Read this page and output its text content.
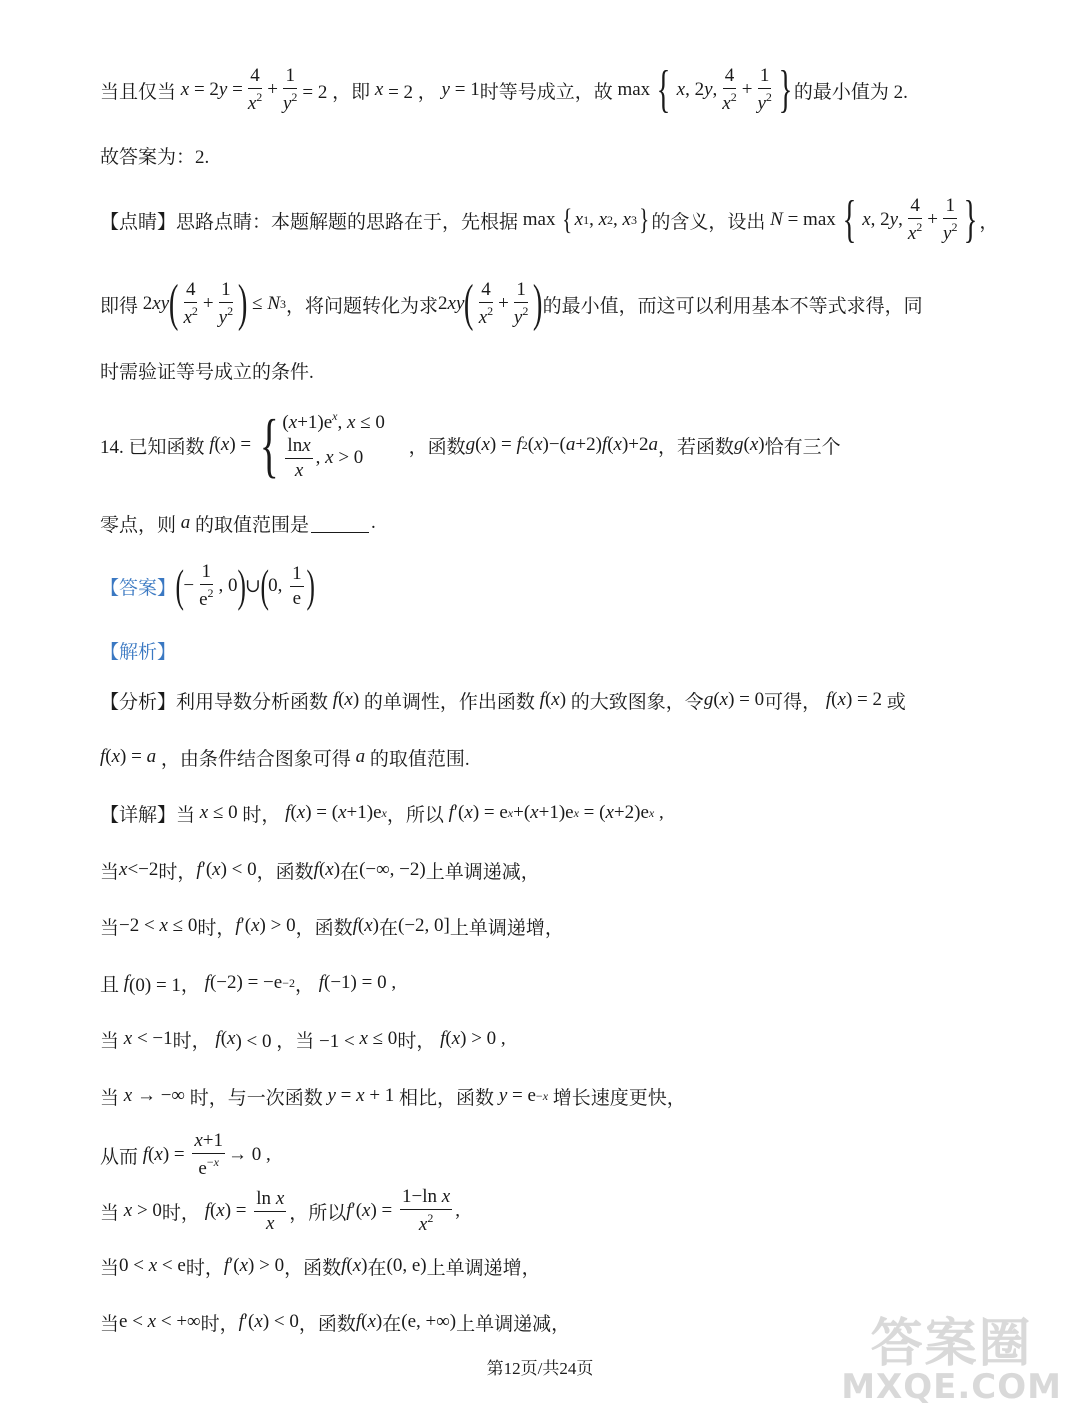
当且仅当 x = 2 $y = \frac{4}{x^2} + \frac{1}{y^2} = 2$ ，即 x = 2 ， y = 1 时等号成立，故 max {
x , 2 y , $\frac{4}{x^2} + \frac{1}{y^2}$ } 的最小值为 2.
故答案为：2.
【点睛】 思路点睛：本题解题的思路在于，先根据 max { x 1 , x 2 , x 3 } 的含义，设出
N = max {
x , 2 y , $\frac{4}{x^2} + \frac{1}{y^2}$ } ，
即得 2 xy ( $\frac{4}{x^2} + \frac{1}{y^2}$ ) ≤ N 3 ，将问题转化为求 2 xy ( $\frac{4}{x^2} + \frac{1}{y^2}$ ) 的最小值，而这可以利用基本不等式求得，同
时需验证等号成立的条件.
14. 已知函数
f ( x ) = { $(x+1)e^x$, x ≤ 0
$\frac{\ln x}{x}$ , x > 0
	，函数 g ( x ) = f 2 ( x )−( a +2) f ( x )+2 a ，若函数 g ( x ) 恰有三个
零点，则
a
的取值范围是	.
【答案】 ( − $\frac{1}{e^2}$ , 0 ) ∪ ( 0, $\frac{1}{e}$ )
【解析】
【分析】 利用导数分析函数
f ( x ) 的单调性，作出函数
f ( x ) 的大致图象，令 g ( x ) = 0 可得，
f ( x ) = 2 或
f ( x ) = a
，由条件结合图象可得
a
的取值范围.
【详解】 当
x ≤ 0 时，
f ( x ) = ( x +1)e x ，所以
f ′( x ) = e x +( x +1)e x = ( x +2)e x ,
当 x <−2 时， f ′( x ) < 0 ，函数 f ( x ) 在 (−∞, −2) 上单调递减，
当 −2 < x ≤ 0 时， f ′( x ) > 0 ，函数 f ( x ) 在 (−2, 0] 上单调递增，
且
f (0) = 1， f (−2) = −e −2 ， f (−1) = 0 ,
当
x < −1 时，
f ( x ) < 0 ，当 −1 < x ≤ 0 时，
f ( x ) > 0 ,
当
x → −∞ 时，与一次函数
y = x + 1 相比，函数
y = e −x
增长速度更快，
从而
f ( x ) = $\frac{x+1}{e^{-x}} \to 0$ ,
当
x > 0 时，
f ( x ) = $\frac{\text{ln x}}{x}$ ，所以 f ′( x ) = $\frac{\text{1−ln x}}{x^2}$ ,
当 0 < x < e 时， f ′( x ) > 0 ，函数 f ( x ) 在 (0, e) 上单调递增，
当 e < x < +∞ 时， f ′( x ) < 0 ，函数 f ( x ) 在 (e, +∞) 上单调递减，
第12页/共24页	答案圈
MXQE.COM
